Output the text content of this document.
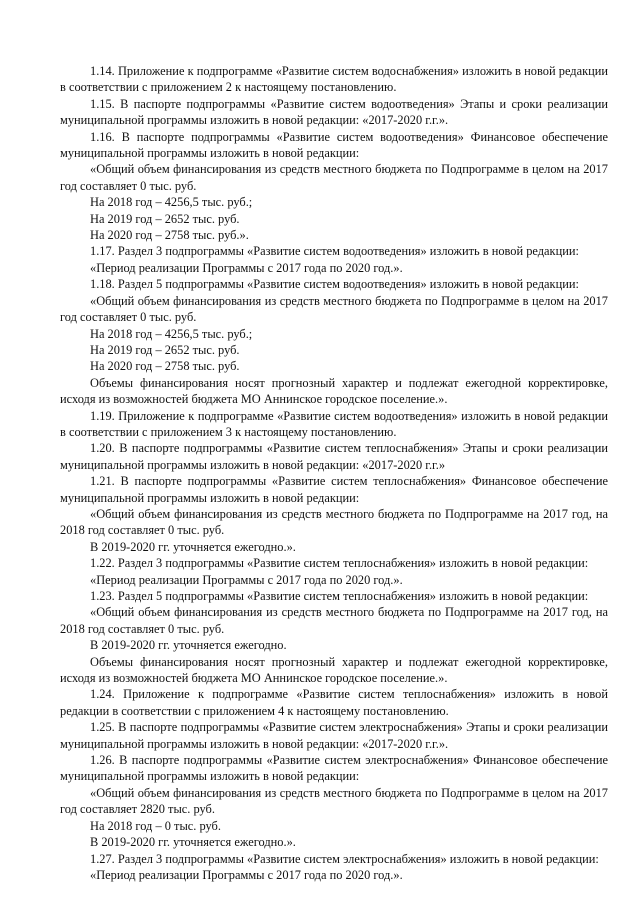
1.14. Приложение к подпрограмме «Развитие систем водоснабжения» изложить в новой редакции в соответствии с приложением 2 к настоящему постановлению.

1.15. В паспорте подпрограммы «Развитие систем водоотведения» Этапы и сроки реализации муниципальной программы изложить в новой редакции: «2017-2020 г.г.».

1.16. В паспорте подпрограммы «Развитие систем водоотведения» Финансовое обеспечение муниципальной программы изложить в новой редакции:

«Общий объем финансирования из средств местного бюджета по Подпрограмме в целом на 2017 год составляет 0 тыс. руб.

На 2018 год – 4256,5 тыс. руб.;

На 2019 год – 2652 тыс. руб.

На 2020 год – 2758 тыс. руб.».

1.17. Раздел 3 подпрограммы «Развитие систем водоотведения» изложить в новой редакции:

«Период реализации Программы с 2017 года по 2020 год.».

1.18. Раздел 5 подпрограммы «Развитие систем водоотведения» изложить в новой редакции:

«Общий объем финансирования из средств местного бюджета по Подпрограмме в целом на 2017 год составляет 0 тыс. руб.

На 2018 год – 4256,5 тыс. руб.;

На 2019 год – 2652 тыс. руб.

На 2020 год – 2758 тыс. руб.

Объемы финансирования носят прогнозный характер и подлежат ежегодной корректировке, исходя из возможностей бюджета МО Аннинское городское поселение.».

1.19. Приложение к подпрограмме «Развитие систем водоотведения» изложить в новой редакции в соответствии с приложением 3 к настоящему постановлению.

1.20. В паспорте подпрограммы «Развитие систем теплоснабжения» Этапы и сроки реализации муниципальной программы изложить в новой редакции: «2017-2020 г.г.»

1.21. В паспорте подпрограммы «Развитие систем теплоснабжения» Финансовое обеспечение муниципальной программы изложить в новой редакции:

«Общий объем финансирования из средств местного бюджета по Подпрограмме на 2017 год, на 2018 год составляет 0 тыс. руб.

В 2019-2020 гг. уточняется ежегодно.».

1.22. Раздел 3 подпрограммы «Развитие систем теплоснабжения» изложить в новой редакции:

«Период реализации Программы с 2017 года по 2020 год.».

1.23. Раздел 5 подпрограммы «Развитие систем теплоснабжения» изложить в новой редакции:

«Общий объем финансирования из средств местного бюджета по Подпрограмме на 2017 год, на 2018 год составляет 0 тыс. руб.

В 2019-2020 гг. уточняется ежегодно.

Объемы финансирования носят прогнозный характер и подлежат ежегодной корректировке, исходя из возможностей бюджета МО Аннинское городское поселение.».

1.24. Приложение к подпрограмме «Развитие систем теплоснабжения» изложить в новой редакции в соответствии с приложением 4 к настоящему постановлению.

1.25. В паспорте подпрограммы «Развитие систем электроснабжения» Этапы и сроки реализации муниципальной программы изложить в новой редакции: «2017-2020 г.г.».

1.26. В паспорте подпрограммы «Развитие систем электроснабжения» Финансовое обеспечение муниципальной программы изложить в новой редакции:

«Общий объем финансирования из средств местного бюджета по Подпрограмме в целом на 2017 год составляет 2820 тыс. руб.

На 2018 год – 0 тыс. руб.

В 2019-2020 гг. уточняется ежегодно.».

1.27. Раздел 3 подпрограммы «Развитие систем электроснабжения» изложить в новой редакции:

«Период реализации Программы с 2017 года по 2020 год.».
